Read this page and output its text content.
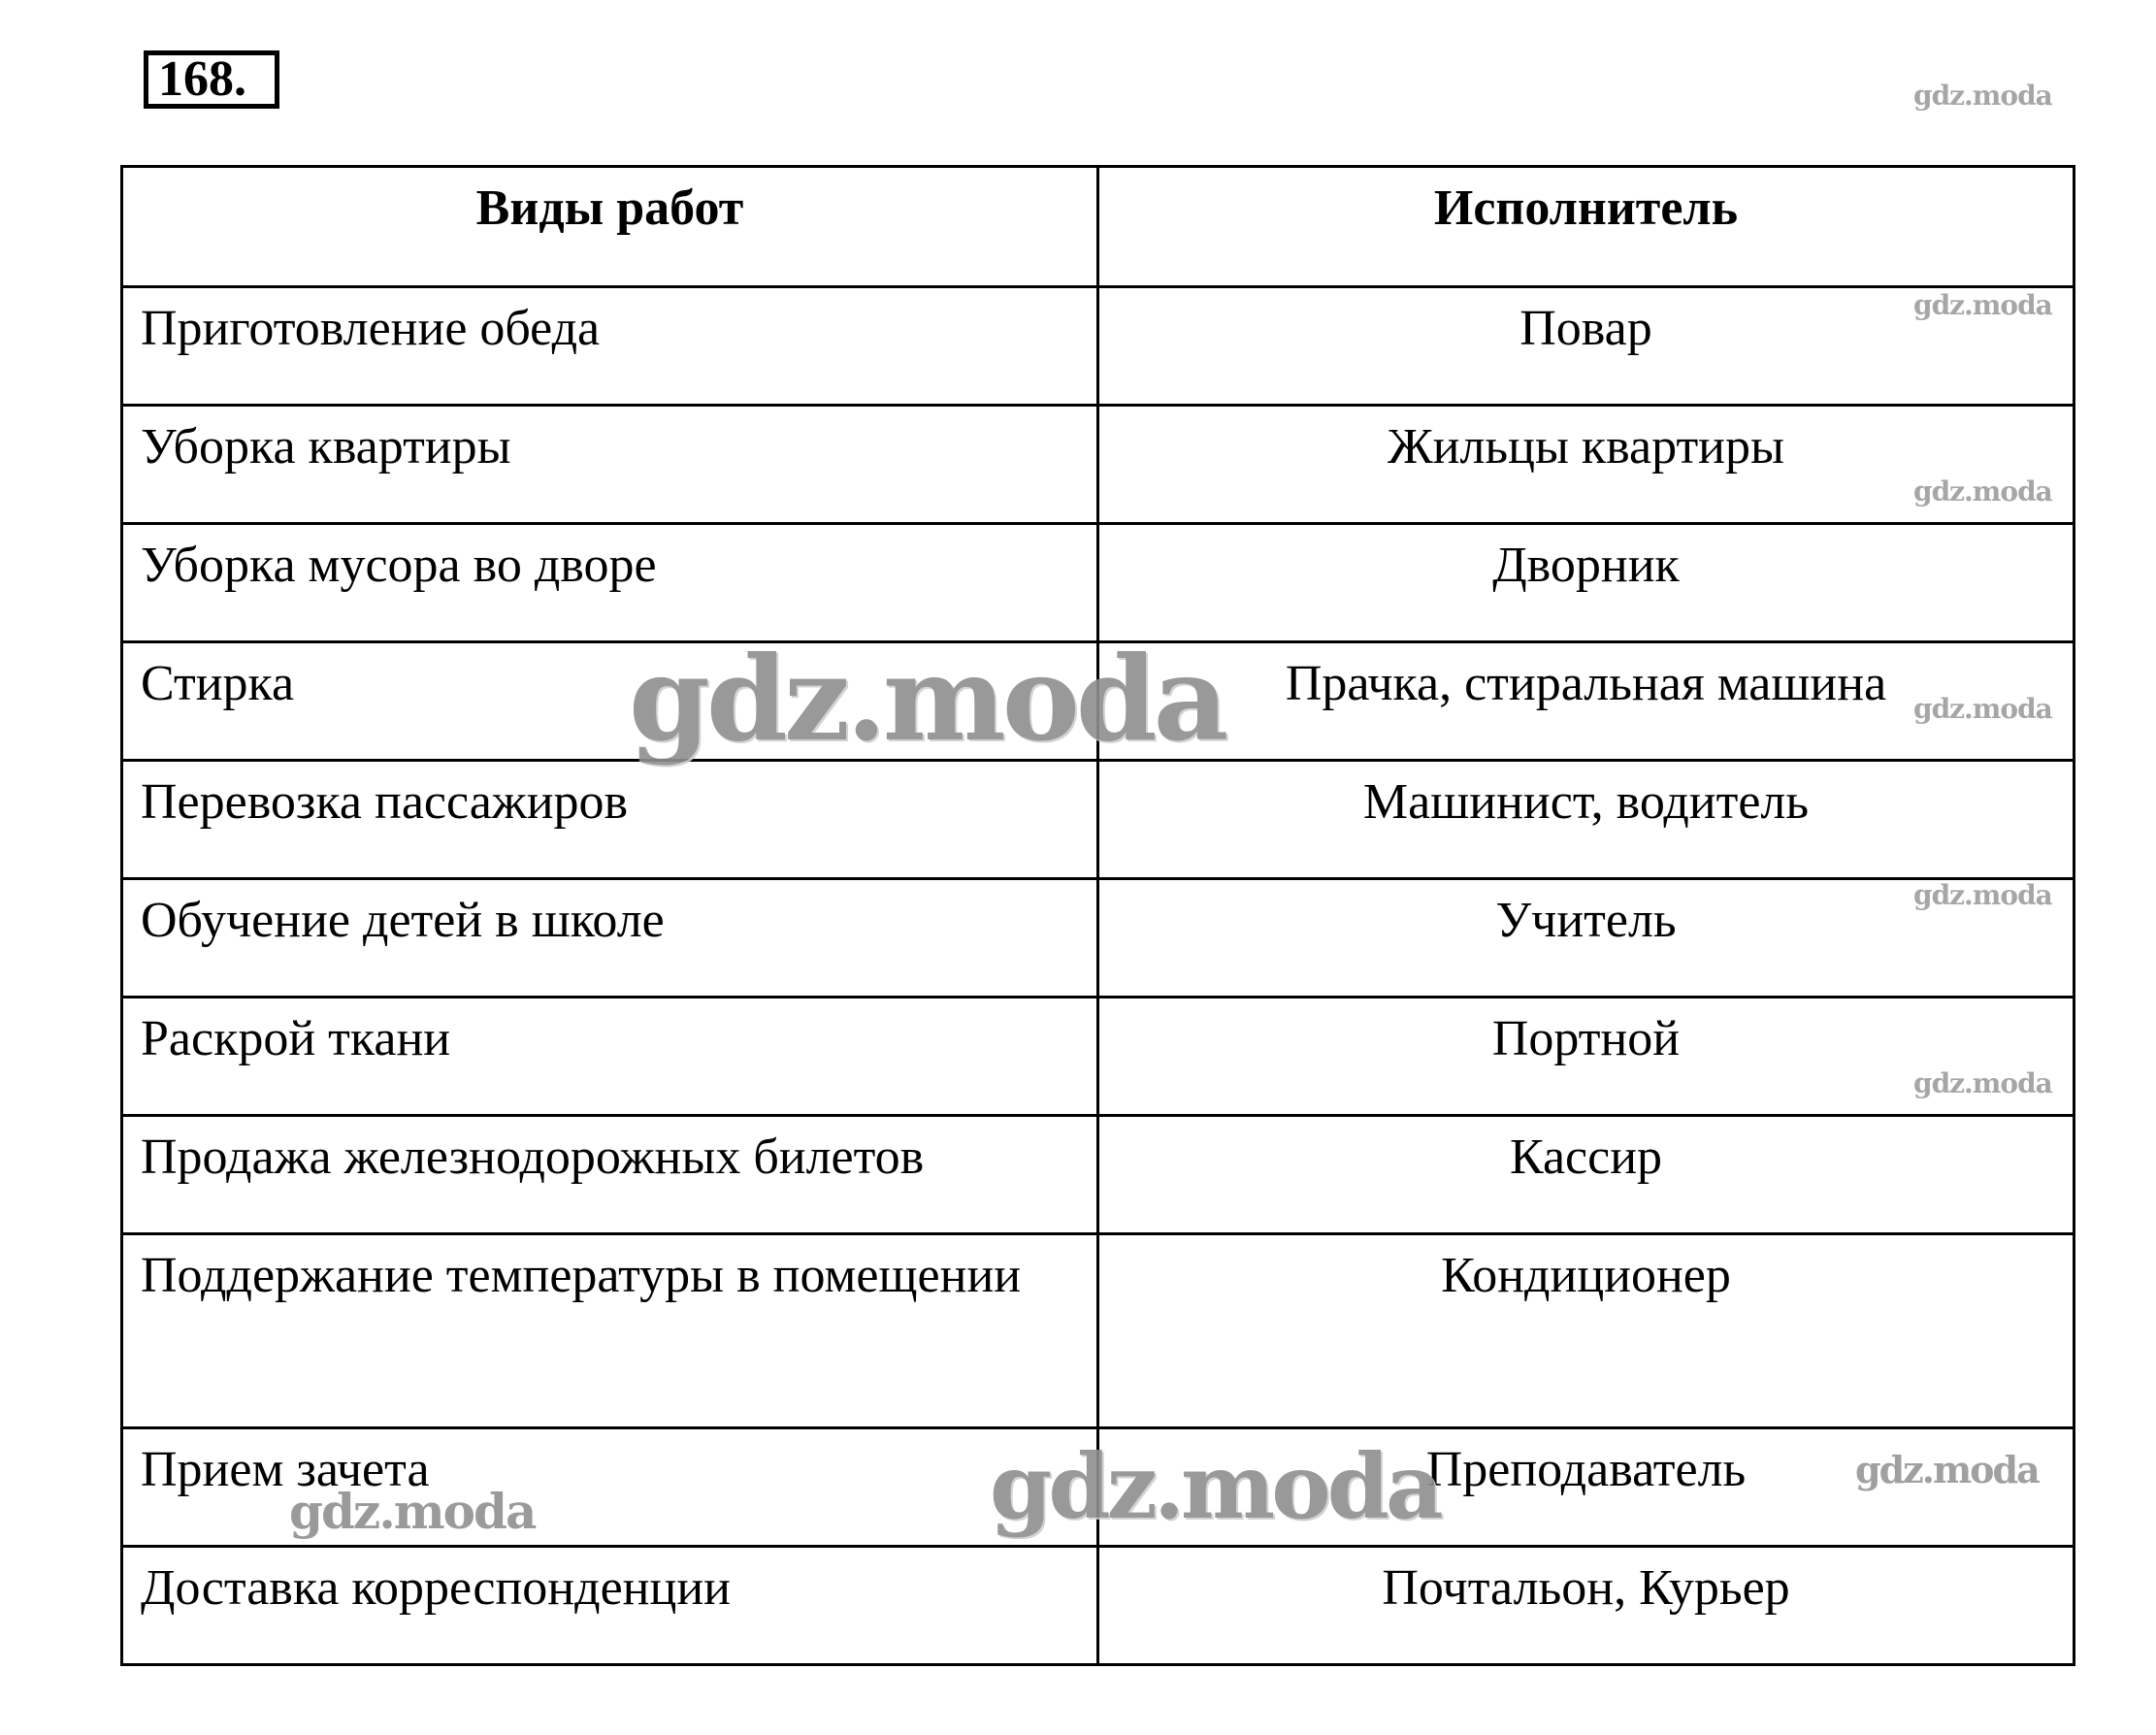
168.
Виды работ	Исполнитель
Приготовление обеда	Повар
Уборка квартиры	Жильцы квартиры
Уборка мусора во дворе	Дворник
Стирка	Прачка, стиральная машина
Перевозка пассажиров	Машинист, водитель
Обучение детей в школе	Учитель
Раскрой ткани	Портной
Продажа железнодорожных билетов	Кассир
Поддержание температуры в помещении	Кондиционер
Прием зачета	Преподаватель
Доставка корреспонденции	Почтальон, Курьер
gdz.moda
gdz.moda
gdz.moda
gdz.moda
gdz.moda
gdz.moda
gdz.moda
gdz.moda
gdz.moda
gdz.moda
